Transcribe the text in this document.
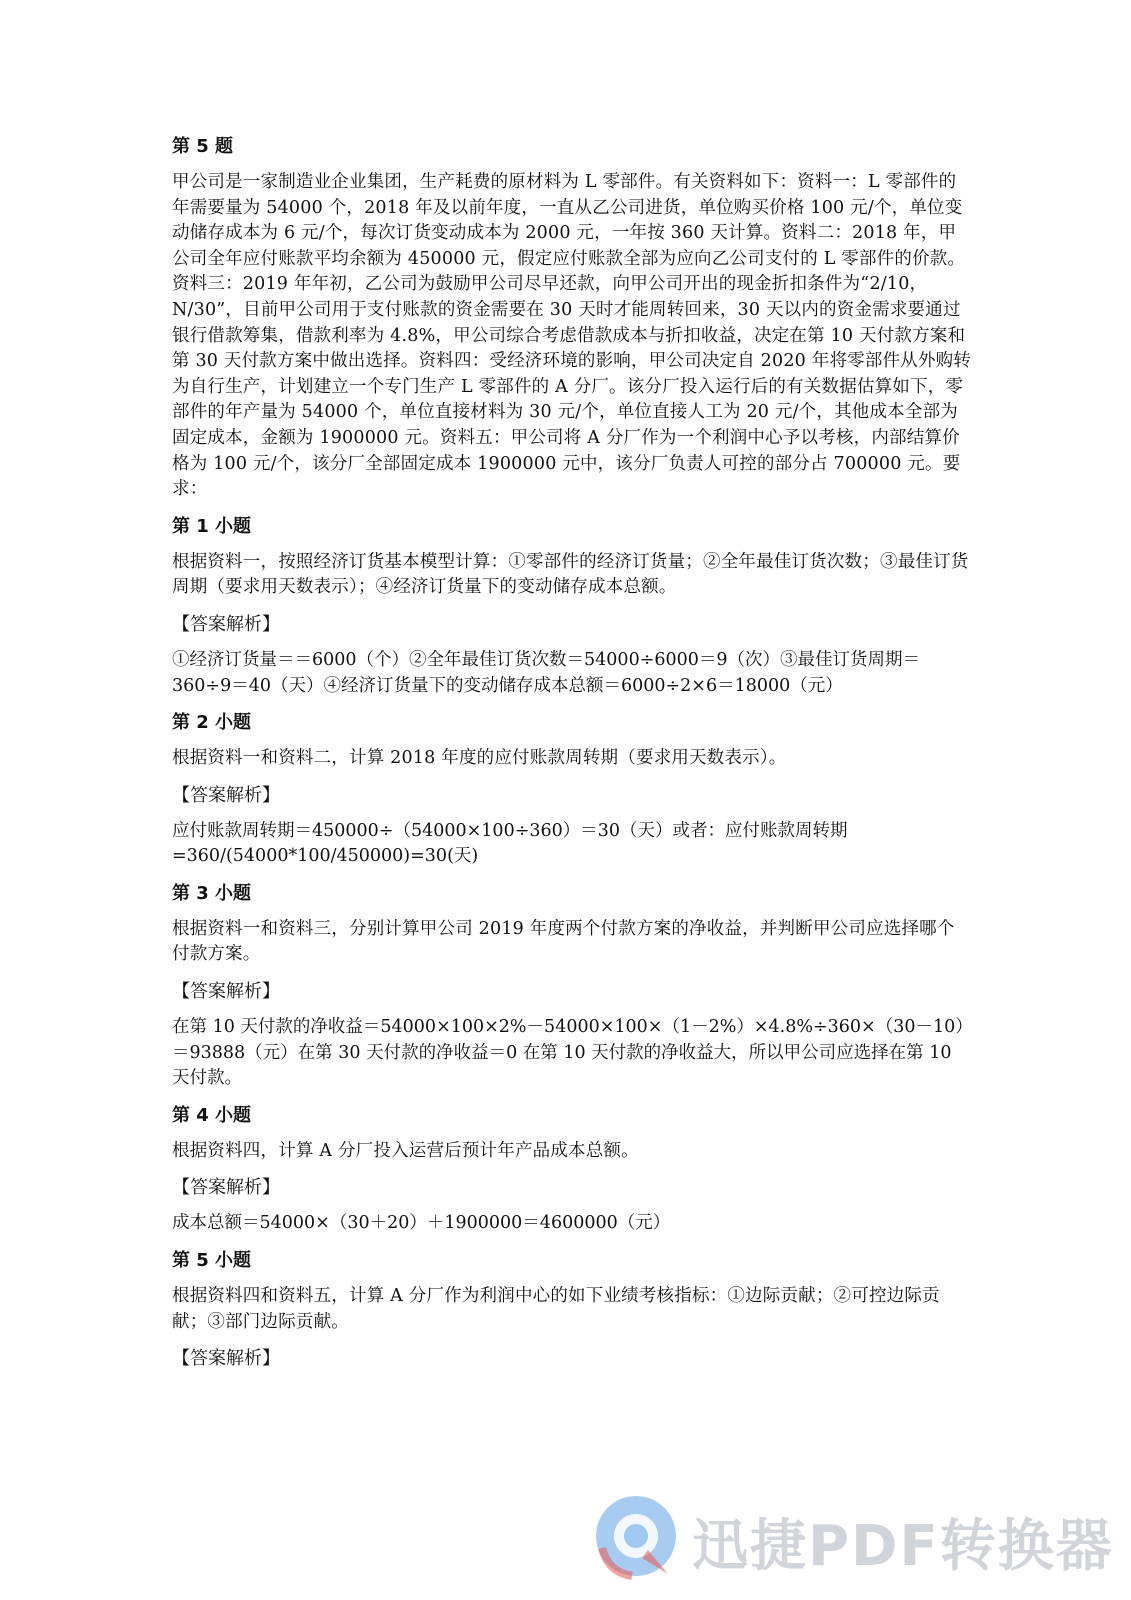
第 5 题
甲公司是一家制造业企业集团，生产耗费的原材料为 L 零部件。有关资料如下：资料一：L 零部件的年需要量为 54000 个，2018 年及以前年度，一直从乙公司进货，单位购买价格 100 元/个，单位变动储存成本为 6 元/个，每次订货变动成本为 2000 元，一年按 360 天计算。资料二：2018 年，甲公司全年应付账款平均余额为 450000 元，假定应付账款全部为应向乙公司支付的 L 零部件的价款。资料三：2019 年年初，乙公司为鼓励甲公司尽早还款，向甲公司开出的现金折扣条件为“2/10，N/30”，目前甲公司用于支付账款的资金需要在 30 天时才能周转回来，30 天以内的资金需求要通过银行借款筹集，借款利率为 4.8%，甲公司综合考虑借款成本与折扣收益，决定在第 10 天付款方案和第 30 天付款方案中做出选择。资料四：受经济环境的影响，甲公司决定自 2020 年将零部件从外购转为自行生产，计划建立一个专门生产 L 零部件的 A 分厂。该分厂投入运行后的有关数据估算如下，零部件的年产量为 54000 个，单位直接材料为 30 元/个，单位直接人工为 20 元/个，其他成本全部为固定成本，金额为 1900000 元。资料五：甲公司将 A 分厂作为一个利润中心予以考核，内部结算价格为 100 元/个，该分厂全部固定成本 1900000 元中，该分厂负责人可控的部分占 700000 元。要求：
第 1 小题
根据资料一，按照经济订货基本模型计算：①零部件的经济订货量；②全年最佳订货次数；③最佳订货周期（要求用天数表示）；④经济订货量下的变动储存成本总额。
【答案解析】
①经济订货量＝＝6000（个）②全年最佳订货次数＝54000÷6000＝9（次）③最佳订货周期＝360÷9＝40（天）④经济订货量下的变动储存成本总额＝6000÷2×6＝18000（元）
第 2 小题
根据资料一和资料二，计算 2018 年度的应付账款周转期（要求用天数表示）。
【答案解析】
应付账款周转期＝450000÷（54000×100÷360）＝30（天）或者：应付账款周转期 =360/(54000*100/450000)=30(天)
第 3 小题
根据资料一和资料三，分别计算甲公司 2019 年度两个付款方案的净收益，并判断甲公司应选择哪个付款方案。
【答案解析】
在第 10 天付款的净收益＝54000×100×2%－54000×100×（1－2%）×4.8%÷360×（30－10）＝93888（元）在第 30 天付款的净收益＝0 在第 10 天付款的净收益大，所以甲公司应选择在第 10 天付款。
第 4 小题
根据资料四，计算 A 分厂投入运营后预计年产品成本总额。
【答案解析】
成本总额＝54000×（30＋20）＋1900000＝4600000（元）
第 5 小题
根据资料四和资料五，计算 A 分厂作为利润中心的如下业绩考核指标：①边际贡献；②可控边际贡献；③部门边际贡献。
【答案解析】
迅捷PDF转换器
